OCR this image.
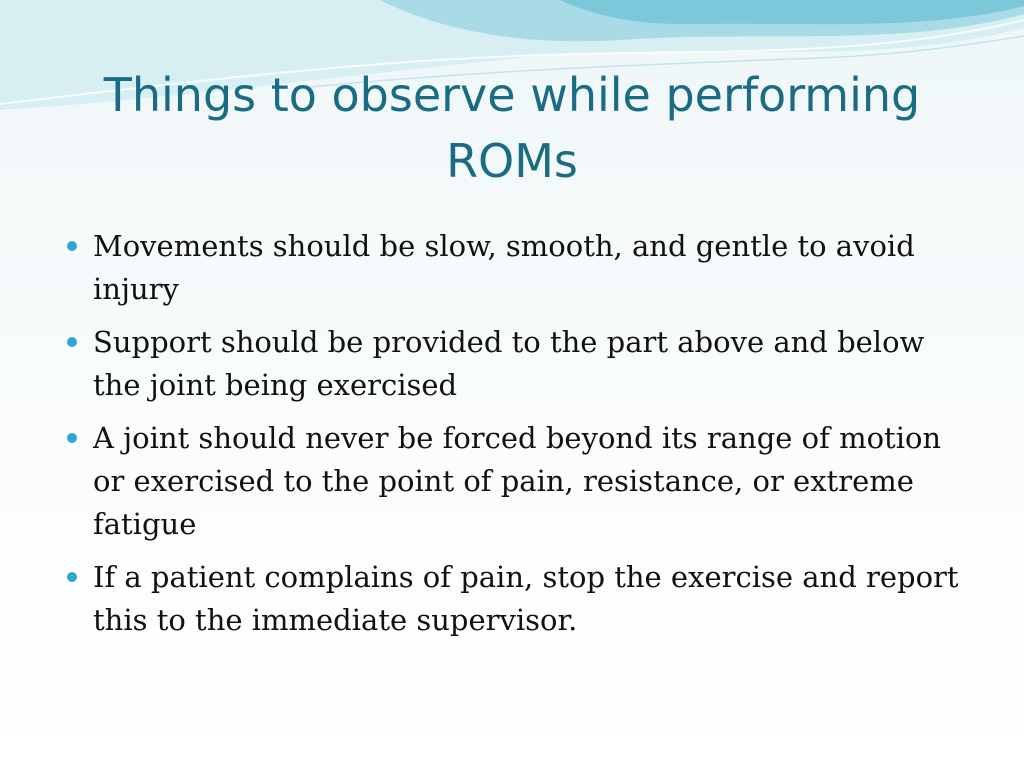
Things to observe while performing ROMs
Movements should be slow, smooth, and gentle to avoid injury
Support should be provided to the part above and below the joint being exercised
A joint should never be forced beyond its range of motion or exercised to the point of pain, resistance, or extreme fatigue
If a patient complains of pain, stop the exercise and report this to the immediate supervisor.
